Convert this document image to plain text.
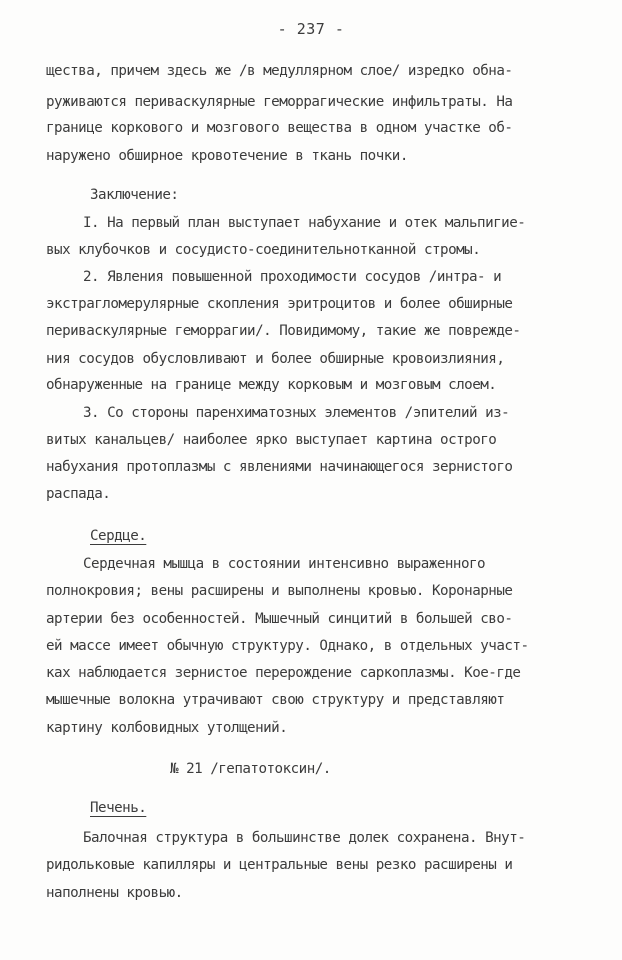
- 237 -
щества, причем здесь же /в медуллярном слое/ изредко обна-
руживаются периваскулярные геморрагические инфильтраты. На
границе коркового и мозгового вещества в одном участке об-
наружено обширное кровотечение в ткань почки.
Заключение:
I. На первый план выступает набухание и отек мальпигие-
вых клубочков и сосудисто-соединительнотканной стромы.
2. Явления повышенной проходимости сосудов /интра- и
экстрагломерулярные скопления эритроцитов и более обширные
периваскулярные геморрагии/. Повидимому, такие же поврежде-
ния сосудов обусловливают и более обширные кровоизлияния,
обнаруженные на границе между корковым и мозговым слоем.
3. Со стороны паренхиматозных элементов /эпителий из-
витых канальцев/ наиболее ярко выступает картина острого
набухания протоплазмы с явлениями начинающегося зернистого
распада.
Сердце.
Сердечная мышца в состоянии интенсивно выраженного
полнокровия; вены расширены и выполнены кровью. Коронарные
артерии без особенностей. Мышечный синцитий в большей сво-
ей массе имеет обычную структуру. Однако, в отдельных участ-
ках наблюдается зернистое перерождение саркоплазмы. Кое-где
мышечные волокна утрачивают свою структуру и представляют
картину колбовидных утолщений.
№ 21 /гепатотоксин/.
Печень.
Балочная структура в большинстве долек сохранена. Внут-
ридольковые капилляры и центральные вены резко расширены и
наполнены кровью.
